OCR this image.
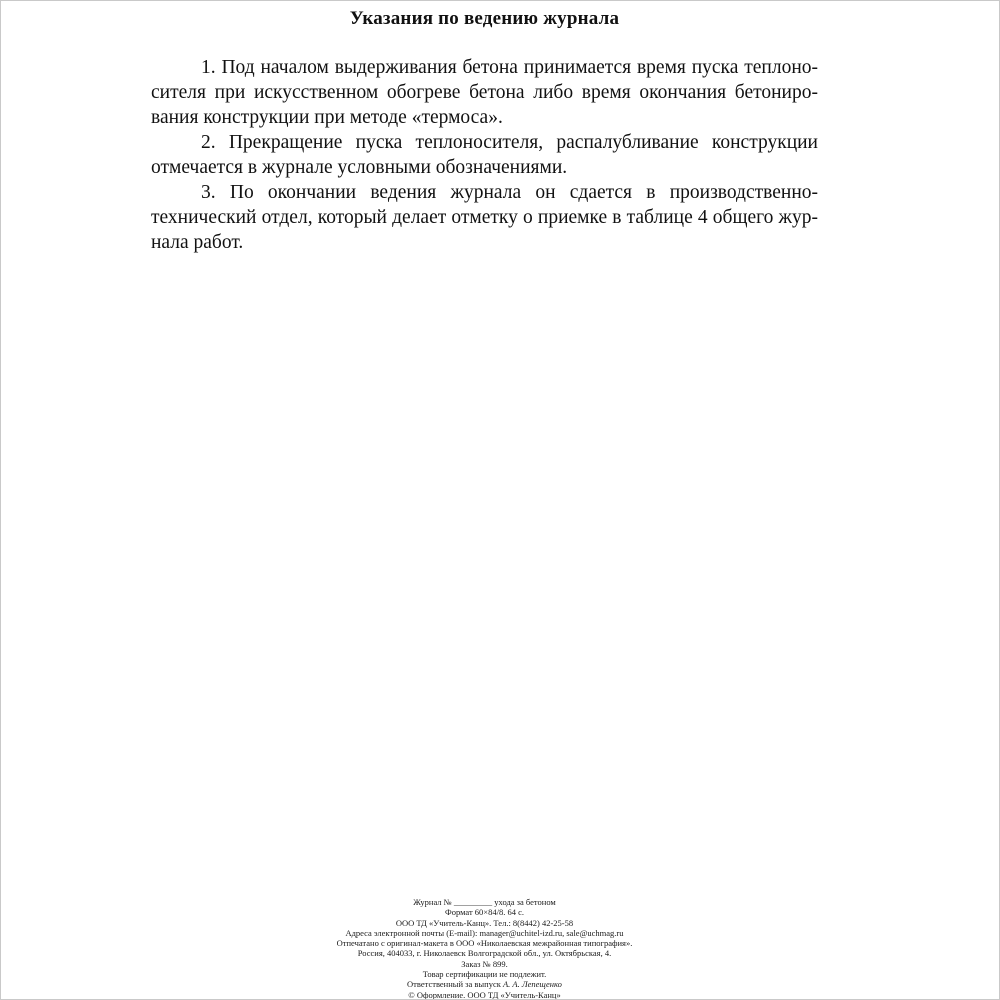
Указания по ведению журнала
1. Под началом выдерживания бетона принимается время пуска теплоно-
сителя при искусственном обогреве бетона либо время окончания бетониро-
вания конструкции при методе «термоса».
2. Прекращение пуска теплоносителя, распалубливание конструкции
отмечается в журнале условными обозначениями.
3. По окончании ведения журнала он сдается в производственно-
технический отдел, который делает отметку о приемке в таблице 4 общего жур-
нала работ.
Журнал № _________ ухода за бетоном
Формат 60×84/8. 64 с.
ООО ТД «Учитель-Канц». Тел.: 8(8442) 42-25-58
Адреса электронной почты (E-mail): manager@uchitel-izd.ru, sale@uchmag.ru
Отпечатано с оригинал-макета в ООО «Николаевская межрайонная типография».
Россия, 404033, г. Николаевск Волгоградской обл., ул. Октябрьская, 4.
Заказ № 899.
Товар сертификации не подлежит.
Ответственный за выпуск А. А. Лепещенко
© Оформление. ООО ТД «Учитель-Канц»
